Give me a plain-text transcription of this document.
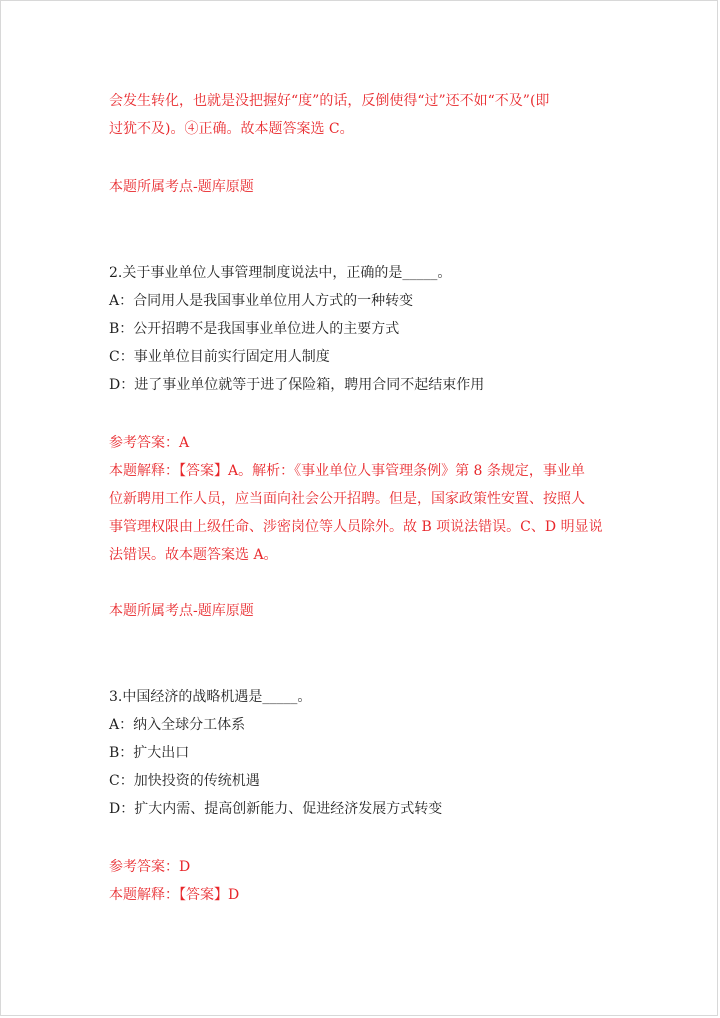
会发生转化，也就是没把握好“度”的话，反倒使得“过”还不如“不及”(即
过犹不及)。④正确。故本题答案选 C。
本题所属考点-题库原题
2.关于事业单位人事管理制度说法中，正确的是_____。
A：合同用人是我国事业单位用人方式的一种转变
B：公开招聘不是我国事业单位进人的主要方式
C：事业单位目前实行固定用人制度
D：进了事业单位就等于进了保险箱，聘用合同不起结束作用
参考答案：A
本题解释：【答案】A。解析：《事业单位人事管理条例》第 8 条规定，事业单
位新聘用工作人员，应当面向社会公开招聘。但是，国家政策性安置、按照人
事管理权限由上级任命、涉密岗位等人员除外。故 B 项说法错误。C、D 明显说
法错误。故本题答案选 A。
本题所属考点-题库原题
3.中国经济的战略机遇是_____。
A：纳入全球分工体系
B：扩大出口
C：加快投资的传统机遇
D：扩大内需、提高创新能力、促进经济发展方式转变
参考答案：D
本题解释：【答案】D
